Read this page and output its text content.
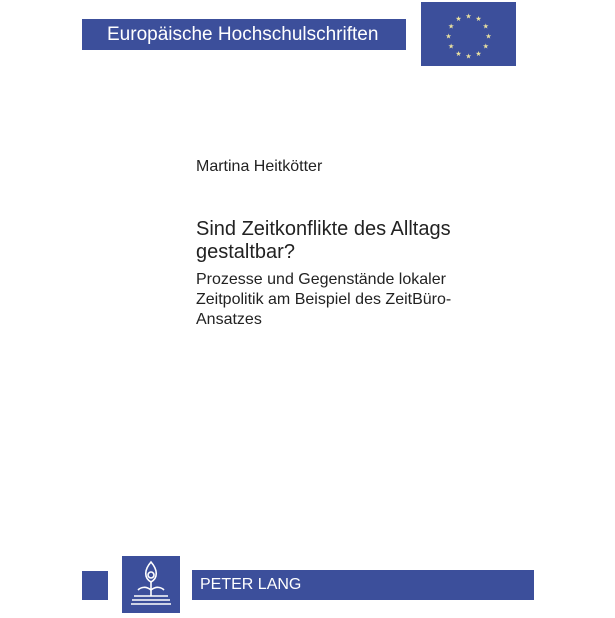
Europäische Hochschulschriften
★ ★
★
★
★
★
★
★
★
★
★
★
Martina Heitkötter
Sind Zeitkonflikte des Alltags
gestaltbar?
Prozesse und Gegenstände lokaler
Zeitpolitik am Beispiel des ZeitBüro-
Ansatzes
PETER LANG
